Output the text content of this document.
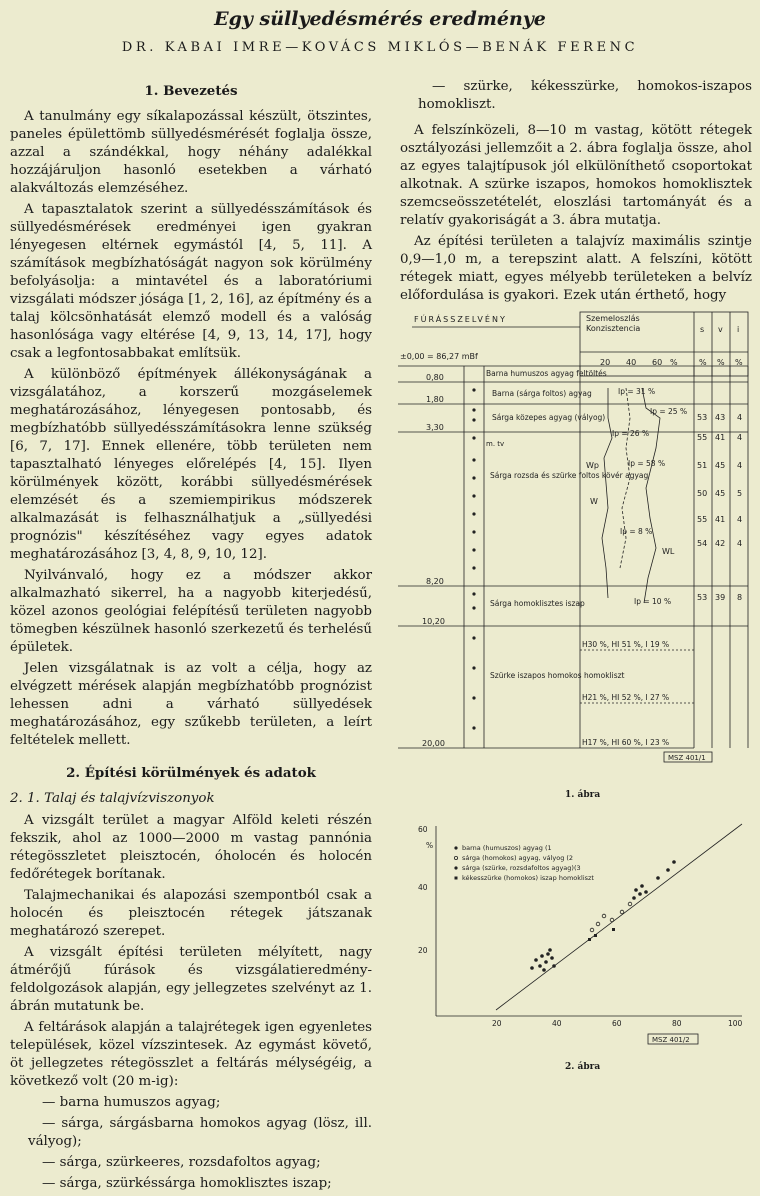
Egy süllyedésmérés eredménye
DR. KABAI IMRE—KOVÁCS MIKLÓS—BENÁK FERENC
1. Bevezetés

A tanulmány egy síkalapozással készült, ötszintes, paneles épülettömb süllyedésmérését foglalja össze, azzal a szándékkal, hogy néhány adalékkal hozzájáruljon hasonló esetekben a várható alakváltozás elemzéséhez.

A tapasztalatok szerint a süllyedésszámítások és süllyedésmérések eredményei igen gyakran lényegesen eltérnek egymástól [4, 5, 11]. A számítások megbízhatóságát nagyon sok körülmény befolyásolja: a mintavétel és a laboratóriumi vizsgálati módszer jósága [1, 2, 16], az építmény és a talaj kölcsönhatását elemző modell és a valóság hasonlósága vagy eltérése [4, 9, 13, 14, 17], hogy csak a legfontosabbakat említsük.

A különböző építmények állékonyságának a vizsgálatához, a korszerű mozgáselemek meghatározásához, lényegesen pontosabb, és megbízhatóbb süllyedésszámításokra lenne szükség [6, 7, 17]. Ennek ellenére, több területen nem tapasztalható lényeges előrelépés [4, 15]. Ilyen körülmények között, korábbi süllyedésmérések elemzését és a szemiempirikus módszerek alkalmazását is felhasználhatjuk a „süllyedési prognózis" készítéséhez vagy egyes adatok meghatározásához [3, 4, 8, 9, 10, 12].

Nyilvánvaló, hogy ez a módszer akkor alkalmazható sikerrel, ha a nagyobb kiterjedésű, közel azonos geológiai felépítésű területen nagyobb tömegben készülnek hasonló szerkezetű és terhelésű épületek.

Jelen vizsgálatnak is az volt a célja, hogy az elvégzett mérések alapján megbízhatóbb prognózist lehessen adni a várható süllyedések meghatározásához, egy szűkebb területen, a leírt feltételek mellett.

2. Építési körülmények és adatok
2. 1. Talaj és talajvízviszonyok

A vizsgált terület a magyar Alföld keleti részén fekszik, ahol az 1000—2000 m vastag pannónia rétegösszletet pleisztocén, óholocén és holocén fedőrétegek borítanak.

Talajmechanikai és alapozási szempontból csak a holocén és pleisztocén rétegek játszanak meghatározó szerepet.

A vizsgált építési területen mélyített, nagy átmérőjű fúrások és vizsgálatieredmény-feldolgozások alapján, egy jellegzetes szelvényt az 1. ábrán mutatunk be.

A feltárások alapján a talajrétegek igen egyenletes települések, közel vízszintesek. Az egymást követő, öt jellegzetes rétegösszlet a feltárás mélységéig, a következő volt (20 m-ig):

— barna humuszos agyag;

— sárga, sárgásbarna homokos agyag (lösz, ill. vályog);

— sárga, szürkeeres, rozsdafoltos agyag;

— sárga, szürkéssárga homoklisztes iszap;

— szürke, kékesszürke, homokos-iszapos homokliszt.

A felszínközeli, 8—10 m vastag, kötött rétegek osztályozási jellemzőit a 2. ábra foglalja össze, ahol az egyes talajtípusok jól elkülöníthető csoportokat alkotnak. A szürke iszapos, homokos homoklisztek szemcseösszetételét, eloszlási tartományát és a relatív gyakoriságát a 3. ábra mutatja.

Az építési területen a talajvíz maximális szintje 0,9—1,0 m, a terepszint alatt. A felszíni, kötött rétegek miatt, egyes mélyebb területeken a belvíz előfordulása is gyakori. Ezek után érthető, hogy

FÚRÁSSZELVÉNY	Szemeloszlás
Konzisztencia	s v i
20 40 60 %	% % %
±0,00 = 86,27 mBf
0,80
1,80
3,30
8,20
10,20
20,00
Barna humuszos agyag feltöltés
Barna (sárga foltos) agyag
Sárga közepes agyag (vályog)
Sárga rozsda és szürke foltos kövér agyag
Sárga homoklisztes iszap
Szürke iszapos homokos homokliszt
m. tv
Ip = 31 %
Ip = 25 %
Ip = 26 %
Ip = 58 %
Ip = 8 %
Ip = 10 %
Wp
W
WL
53 43 4
55 41 4
51 45 4
50 45 5
55 41 4
54 42 4
53 39 8
H30 %, HI 51 %, I 19 %
H21 %, HI 52 %, I 27 %
H17 %, HI 60 %, I 23 %
MSZ 401/1
1. ábra
60
40
20
%
20	40	60	80	100
barna (humuszos) agyag (1
sárga (homokos) agyag, vályog (2
sárga (szürke, rozsdafoltos agyag)(3
kékesszürke (homokos) iszap homokliszt
MSZ 401/2
2. ábra
